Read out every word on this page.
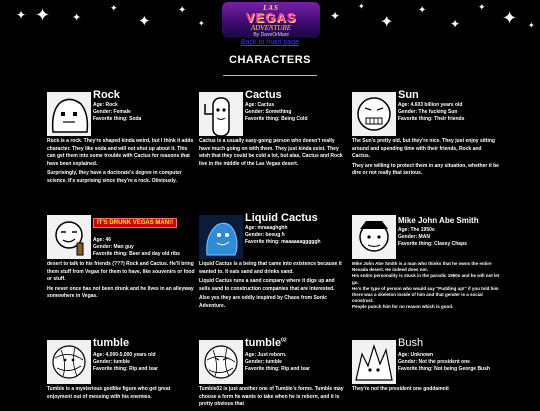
✦ ✦ ✦
✦
✦
✦
✦
✦
✦
✦
✦
✦
✦ ✦ ✦
LAS
VEGAS
ADVENTURE
By DaveOrMani
Back to main page
CHARACTERS
Rock
Age: Rock
Gender: Female
Favorite thing: Soda

Rock is a rock. They're shaped kinda weird, but I think it adds character. They like soda and will not shut up about it. This can get them into some trouble with Cactus for reasons that have been explained.

Surprisingly, they have a doctorate's degree in computer science. It's surprising since they're a rock. Obviously.

Cactus
Age: Cactus
Gender: Something
Favorite thing: Being Cold

Cactus is a usually easy-going person who doesn't really have much going on with them. They just kinda exist. They wish that they could be cold a lot, but alas, Cactus and Rock live in the middle of the Las Vegas desert.

Sun
Age: 4.603 billion years old
Gender: The fucking Sun
Favorite thing: Their friends

The Sun's pretty old, but they're nice. They just enjoy sitting around and spending time with their friends, Rock and Cactus.

They are willing to protect them in any situation, whether it be dire or not really that serious.

IT'S DRUNK VEGAS MAN!!
Age: 46
Gender: Man guy
Favorite thing: Beer and day old ribs

desert to talk to his friends (???) Rock and Cactus. He'll bring them stuff from Vegas for them to have, like souvenirs or food or stuff.

He never once has not been drunk and he lives in an alleyway somewhere in Vegas.

Liquid Cactus
Age: mraaaghghh
Gender: beeug h
Favorite thing: maaaaaagggggh

Liquid Cactus is a being that came into existence because it wanted to. It eats sand and drinks sand.

Liquid Cactus runs a sand company where it digs up and sells sand to construction companies that are interested.

Also yes they are oddly inspired by Chaos from Sonic Adventure.

Mike John Abe Smith
Age: The 1950s
Gender: MAN
Favorite thing: Classy Chaps

Mike John Abe Smith is a man who thinks that he owns the entire Nevada desert. He indeed does not.

His entire personality is stuck in the parodic 1950s and he will not let go.

He's the type of person who would say "Pudding up!" if you told him there was a skeleton inside of him and that gender is a social construct.

People punch him for no reason which is good.

tumble
Age: 4,000-5,000 years old
Gender: tumble
Favorite thing: Rip and tear

Tumble is a mysterious godlike figure who get great enjoyment out of messing with his enemies.

tumble$^{02}$
Age: Just reborn.
Gender: tumble
Favorite thing: Rip and tear

Tumble02 is just another one of Tumble's forms. Tumble may choose a form he wants to take when he is reborn, and it is pretty obvious that

Bush
Age: Unknown
Gender: Not the president one
Favorite thing: Not being George Bush

They're not the president one goddamnit
